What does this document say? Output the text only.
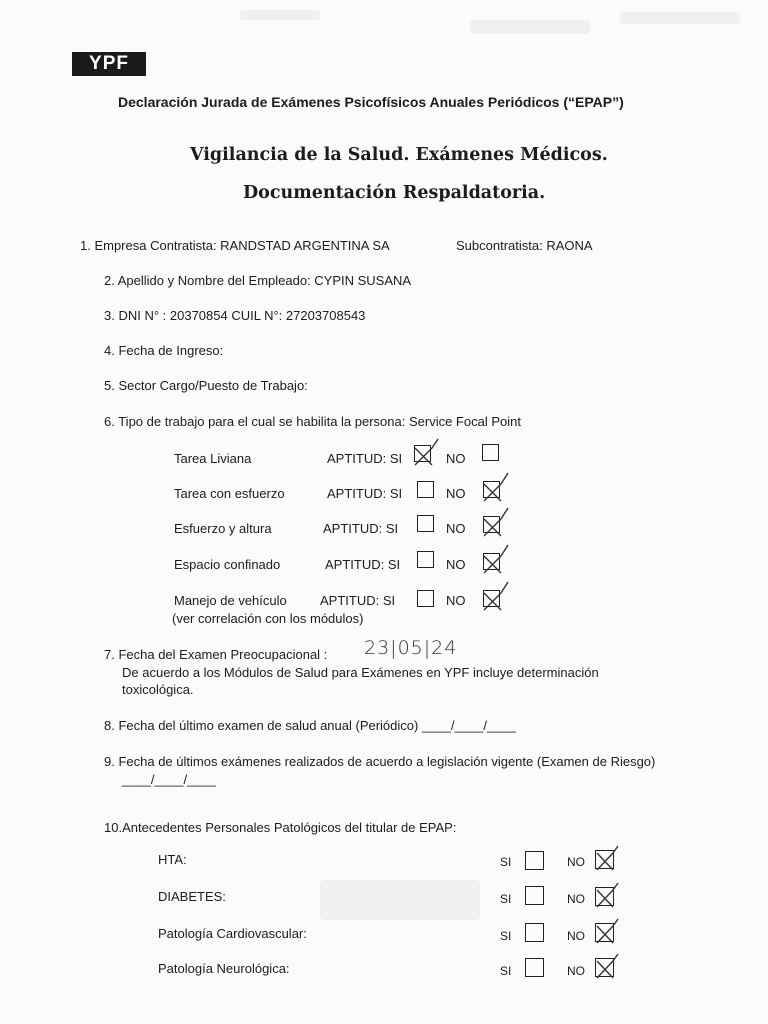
YPF
Declaración Jurada de Exámenes Psicofísicos Anuales Periódicos (“EPAP”)
Vigilancia de la Salud. Exámenes Médicos.
Documentación Respaldatoria.
1. Empresa Contratista: RANDSTAD ARGENTINA SA	Subcontratista: RAONA
2. Apellido y Nombre del Empleado: CYPIN SUSANA
3. DNI N° : 20370854 CUIL N°: 27203708543
4. Fecha de Ingreso:
5. Sector Cargo/Puesto de Trabajo:
6. Tipo de trabajo para el cual se habilita la persona: Service Focal Point
Tarea Liviana	APTITUD: SI	NO
Tarea con esfuerzo	APTITUD: SI	NO
Esfuerzo y altura	APTITUD: SI	NO
Espacio confinado	APTITUD: SI	NO
Manejo de vehículo	APTITUD: SI	NO
(ver correlación con los módulos)
7. Fecha del Examen Preocupacional : 23|05|24
De acuerdo a los Módulos de Salud para Exámenes en YPF incluye determinación
toxicológica.
8. Fecha del último examen de salud anual (Periódico) ____/____/____
9. Fecha de últimos exámenes realizados de acuerdo a legislación vigente (Examen de Riesgo)
____/____/____
10.Antecedentes Personales Patológicos del titular de EPAP:
HTA:	SI	NO
DIABETES:	SI	NO
Patología Cardiovascular:	SI	NO
Patología Neurológica:	SI	NO
